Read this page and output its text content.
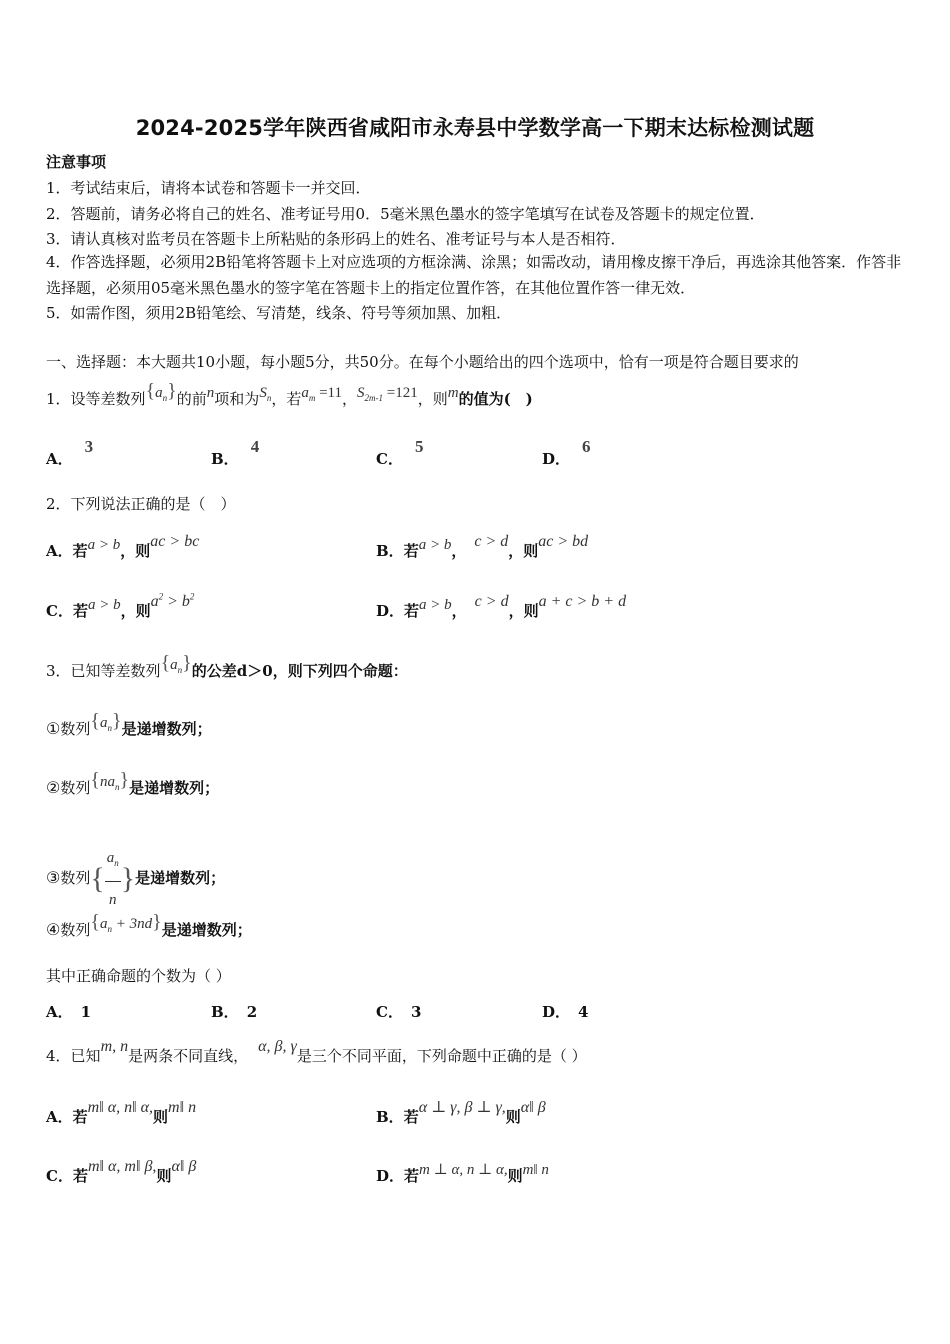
2024-2025学年陕西省咸阳市永寿县中学数学高一下期末达标检测试题
注意事项
1．考试结束后，请将本试卷和答题卡一并交回．
2．答题前，请务必将自己的姓名、准考证号用0．5毫米黑色墨水的签字笔填写在试卷及答题卡的规定位置．
3．请认真核对监考员在答题卡上所粘贴的条形码上的姓名、准考证号与本人是否相符．
4．作答选择题，必须用2B铅笔将答题卡上对应选项的方框涂满、涂黑；如需改动，请用橡皮擦干净后，再选涂其他答案．作答非选择题，必须用05毫米黑色墨水的签字笔在答题卡上的指定位置作答，在其他位置作答一律无效．
5．如需作图，须用2B铅笔绘、写清楚，线条、符号等须加黑、加粗．
一、选择题：本大题共10小题，每小题5分，共50分。在每个小题给出的四个选项中，恰有一项是符合题目要求的
1．设等差数列$\{a_n\}$的前n项和为$S_n$，若$a_m =11$，$S_{2m-1} =121$，则m的值为(　)
A．3
B．4
C．5
D．6
2．下列说法正确的是（　）
A．若a > b，则ac > bc
B．若a > b，c > d，则ac > bd
C．若a > b，则$a^2 > b^2$
D．若a > b，c > d，则a + c > b + d
3．已知等差数列$\{a_n\}$的公差d＞0，则下列四个命题：
①数列$\{a_n\}$是递增数列；
②数列$\{na_n\}$是递增数列；
③数列{ $\frac{a_n}{n}$ }是递增数列；
④数列$\{a_n + 3nd\}$是递增数列；
其中正确命题的个数为（ ）
A． 1	B． 2	C． 3	D． 4
4．已知m, n是两条不同直线，α, β, γ是三个不同平面，下列命题中正确的是（ ）
A．若m‖ α, n‖ α,则m‖ n
B．若α ⊥ γ, β ⊥ γ,则α‖ β
C．若m‖ α, m‖ β,则α‖ β
D．若m ⊥ α, n ⊥ α,则m‖ n
